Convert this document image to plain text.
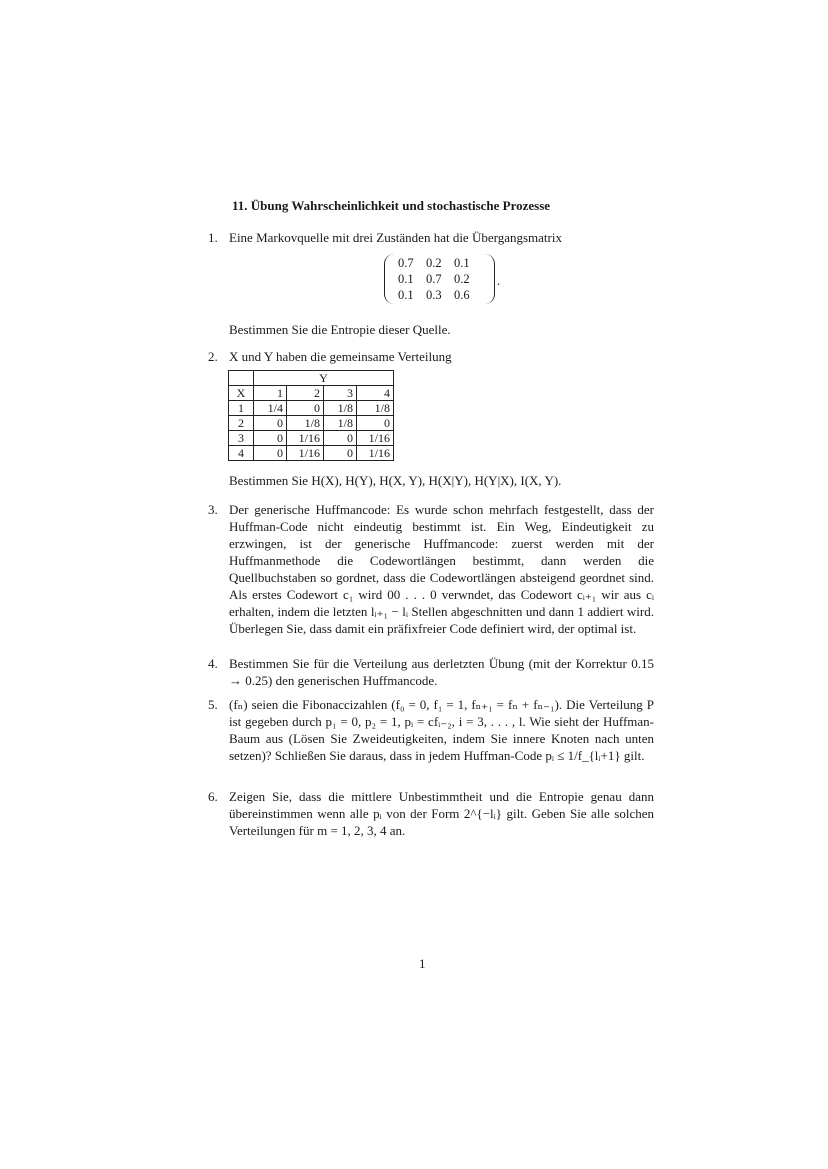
11. Übung Wahrscheinlichkeit und stochastische Prozesse
1. Eine Markovquelle mit drei Zuständen hat die Übergangsmatrix
0.7 0.2 0.1
0.1 0.7 0.2
0.1 0.3 0.6
.
Bestimmen Sie die Entropie dieser Quelle.
2. X und Y haben die gemeinsame Verteilung
	Y			
X	1	2	3	4
1	1/4	0	1/8	1/8
2	0	1/8	1/8	0
3	0	1/16	0	1/16
4	0	1/16	0	1/16
Bestimmen Sie H(X), H(Y), H(X, Y), H(X|Y), H(Y|X), I(X, Y).
3. Der generische Huffmancode: Es wurde schon mehrfach festgestellt, dass der Huffman-Code nicht eindeutig bestimmt ist. Ein Weg, Eindeutigkeit zu erzwingen, ist der generische Huffmancode: zuerst werden mit der Huffmanmethode die Codewortlängen bestimmt, dann werden die Quellbuchstaben so gordnet, dass die Codewortlängen absteigend geordnet sind. Als erstes Codewort c₁ wird 00 . . . 0 verwndet, das Codewort cᵢ₊₁ wir aus cᵢ erhalten, indem die letzten lᵢ₊₁ − lᵢ Stellen abgeschnitten und dann 1 addiert wird. Überlegen Sie, dass damit ein präfixfreier Code definiert wird, der optimal ist.
4. Bestimmen Sie für die Verteilung aus derletzten Übung (mit der Korrektur 0.15 → 0.25) den generischen Huffmancode.
5. (fₙ) seien die Fibonaccizahlen (f₀ = 0, f₁ = 1, fₙ₊₁ = fₙ + fₙ₋₁). Die Verteilung P ist gegeben durch p₁ = 0, p₂ = 1, pᵢ = cfᵢ₋₂, i = 3, . . . , l. Wie sieht der Huffman-Baum aus (Lösen Sie Zweideutigkeiten, indem Sie innere Knoten nach unten setzen)? Schließen Sie daraus, dass in jedem Huffman-Code pᵢ ≤ 1/f_{lᵢ+1} gilt.
6. Zeigen Sie, dass die mittlere Unbestimmtheit und die Entropie genau dann übereinstimmen wenn alle pᵢ von der Form 2^{−lᵢ} gilt. Geben Sie alle solchen Verteilungen für m = 1, 2, 3, 4 an.
1
